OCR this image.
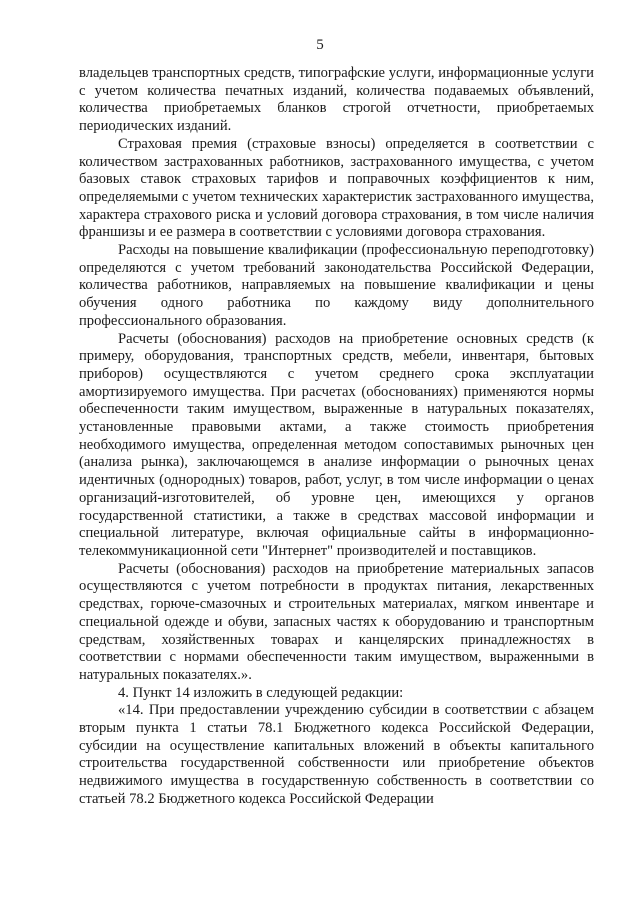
5

владельцев транспортных средств, типографские услуги, информационные услуги с учетом количества печатных изданий, количества подаваемых объявлений, количества приобретаемых бланков строгой отчетности, приобретаемых периодических изданий.

Страховая премия (страховые взносы) определяется в соответствии с количеством застрахованных работников, застрахованного имущества, с учетом базовых ставок страховых тарифов и поправочных коэффициентов к ним, определяемыми с учетом технических характеристик застрахованного имущества, характера страхового риска и условий договора страхования, в том числе наличия франшизы и ее размера в соответствии с условиями договора страхования.

Расходы на повышение квалификации (профессиональную переподготовку) определяются с учетом требований законодательства Российской Федерации, количества работников, направляемых на повышение квалификации и цены обучения одного работника по каждому виду дополнительного профессионального образования.

Расчеты (обоснования) расходов на приобретение основных средств (к примеру, оборудования, транспортных средств, мебели, инвентаря, бытовых приборов) осуществляются с учетом среднего срока эксплуатации амортизируемого имущества. При расчетах (обоснованиях) применяются нормы обеспеченности таким имуществом, выраженные в натуральных показателях, установленные правовыми актами, а также стоимость приобретения необходимого имущества, определенная методом сопоставимых рыночных цен (анализа рынка), заключающемся в анализе информации о рыночных ценах идентичных (однородных) товаров, работ, услуг, в том числе информации о ценах организаций-изготовителей, об уровне цен, имеющихся у органов государственной статистики, а также в средствах массовой информации и специальной литературе, включая официальные сайты в информационно-телекоммуникационной сети "Интернет" производителей и поставщиков.

Расчеты (обоснования) расходов на приобретение материальных запасов осуществляются с учетом потребности в продуктах питания, лекарственных средствах, горюче-смазочных и строительных материалах, мягком инвентаре и специальной одежде и обуви, запасных частях к оборудованию и транспортным средствам, хозяйственных товарах и канцелярских принадлежностях в соответствии с нормами обеспеченности таким имуществом, выраженными в натуральных показателях.».

4. Пункт 14 изложить в следующей редакции:

«14. При предоставлении учреждению субсидии в соответствии с абзацем вторым пункта 1 статьи 78.1 Бюджетного кодекса Российской Федерации, субсидии на осуществление капитальных вложений в объекты капитального строительства государственной собственности или приобретение объектов недвижимого имущества в государственную собственность в соответствии со статьей 78.2 Бюджетного кодекса Российской Федерации
